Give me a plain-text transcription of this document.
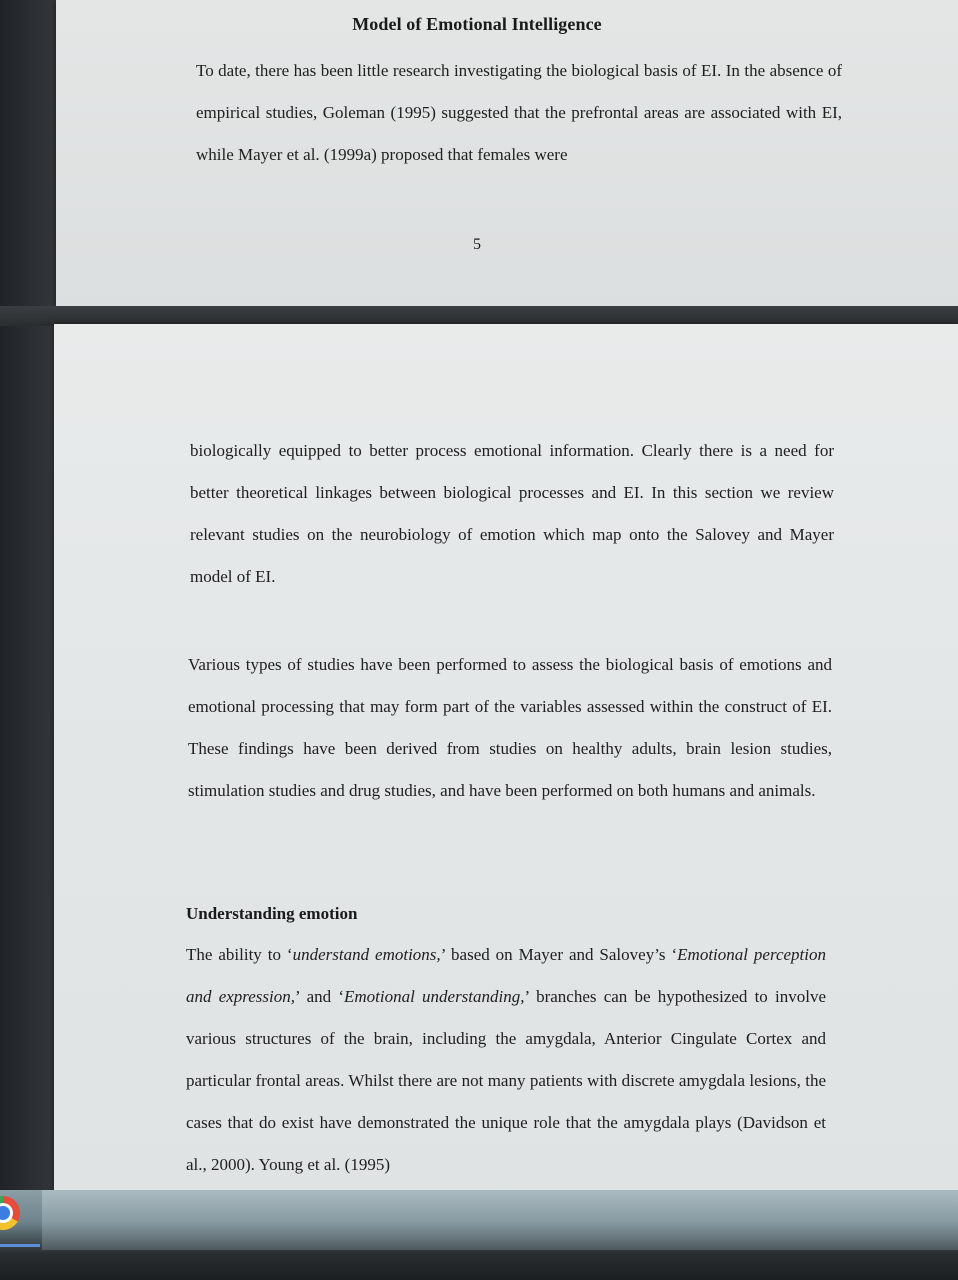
Model of Emotional Intelligence

To date, there has been little research investigating the biological basis of EI. In the absence of empirical studies, Goleman (1995) suggested that the prefrontal areas are associated with EI, while Mayer et al. (1999a) proposed that females were

5

biologically equipped to better process emotional information. Clearly there is a need for better theoretical linkages between biological processes and EI. In this section we review relevant studies on the neurobiology of emotion which map onto the Salovey and Mayer model of EI.

Various types of studies have been performed to assess the biological basis of emotions and emotional processing that may form part of the variables assessed within the construct of EI. These findings have been derived from studies on healthy adults, brain lesion studies, stimulation studies and drug studies, and have been performed on both humans and animals.

Understanding emotion

The ability to ‘understand emotions,’ based on Mayer and Salovey’s ‘Emotional perception and expression,’ and ‘Emotional understanding,’ branches can be hypothesized to involve various structures of the brain, including the amygdala, Anterior Cingulate Cortex and particular frontal areas. Whilst there are not many patients with discrete amygdala lesions, the cases that do exist have demonstrated the unique role that the amygdala plays (Davidson et al., 2000). Young et al. (1995)
